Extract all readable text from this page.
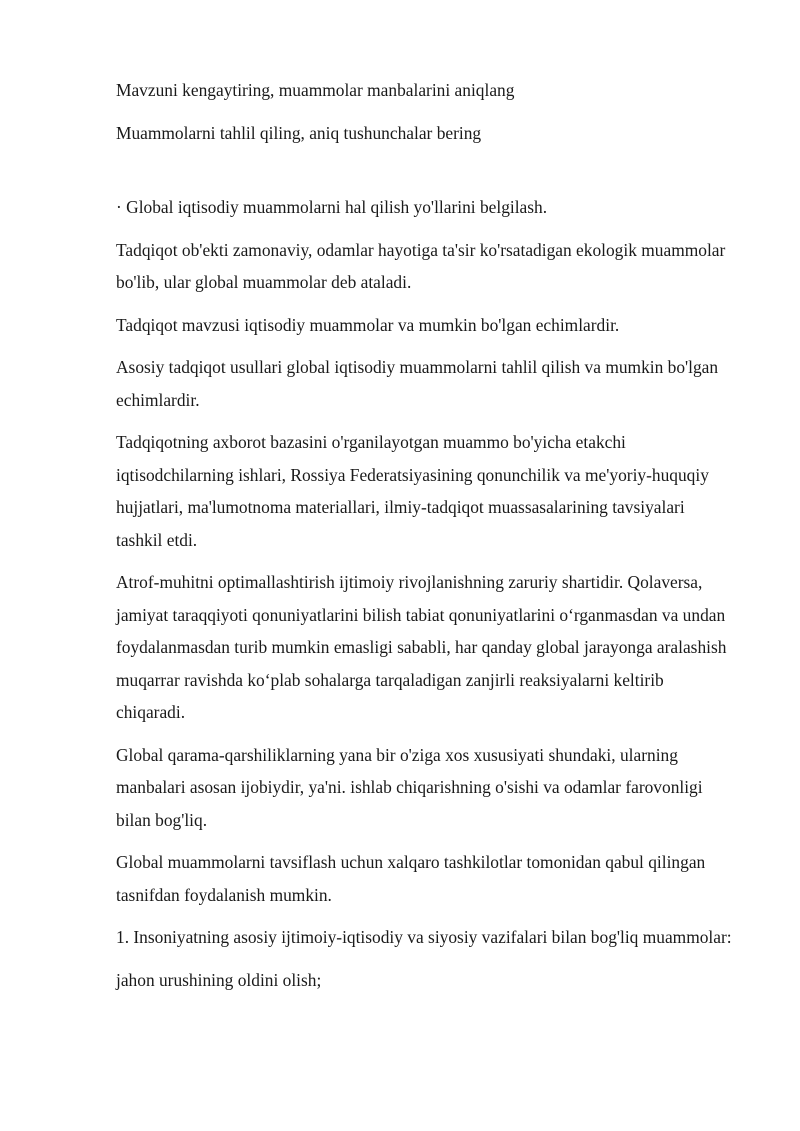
Mavzuni kengaytiring, muammolar manbalarini aniqlang

Muammolarni tahlil qiling, aniq tushunchalar bering

· Global iqtisodiy muammolarni hal qilish yo'llarini belgilash.

Tadqiqot ob'ekti zamonaviy, odamlar hayotiga ta'sir ko'rsatadigan ekologik muammolar bo'lib, ular global muammolar deb ataladi.

Tadqiqot mavzusi iqtisodiy muammolar va mumkin bo'lgan echimlardir.

Asosiy tadqiqot usullari global iqtisodiy muammolarni tahlil qilish va mumkin bo'lgan echimlardir.

Tadqiqotning axborot bazasini o'rganilayotgan muammo bo'yicha etakchi iqtisodchilarning ishlari, Rossiya Federatsiyasining qonunchilik va me'yoriy-huquqiy hujjatlari, ma'lumotnoma materiallari, ilmiy-tadqiqot muassasalarining tavsiyalari tashkil etdi.

Atrof-muhitni optimallashtirish ijtimoiy rivojlanishning zaruriy shartidir. Qolaversa, jamiyat taraqqiyoti qonuniyatlarini bilish tabiat qonuniyatlarini o‘rganmasdan va undan foydalanmasdan turib mumkin emasligi sababli, har qanday global jarayonga aralashish muqarrar ravishda ko‘plab sohalarga tarqaladigan zanjirli reaksiyalarni keltirib chiqaradi.

Global qarama-qarshiliklarning yana bir o'ziga xos xususiyati shundaki, ularning manbalari asosan ijobiydir, ya'ni. ishlab chiqarishning o'sishi va odamlar farovonligi bilan bog'liq.

Global muammolarni tavsiflash uchun xalqaro tashkilotlar tomonidan qabul qilingan tasnifdan foydalanish mumkin.

1. Insoniyatning asosiy ijtimoiy-iqtisodiy va siyosiy vazifalari bilan bog'liq muammolar:

jahon urushining oldini olish;
